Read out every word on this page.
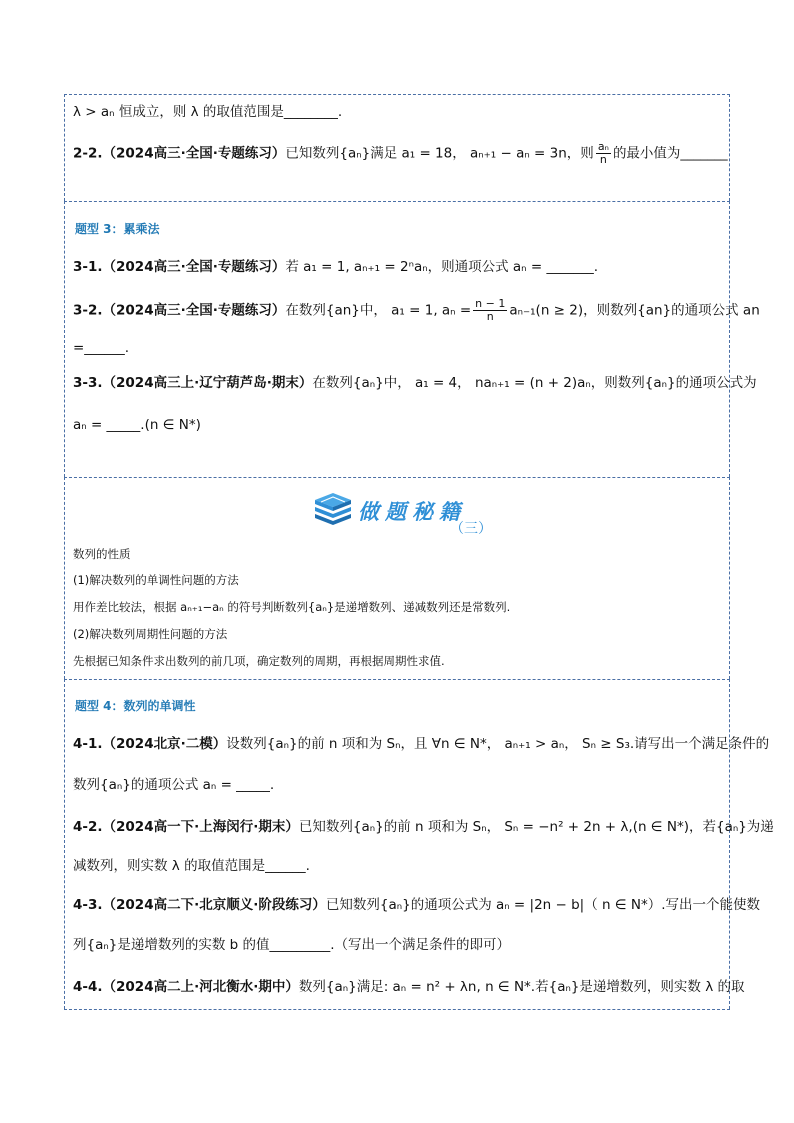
λ > aₙ 恒成立，则 λ 的取值范围是________.
2-2.（2024高三·全国·专题练习）已知数列{aₙ}满足 a₁ = 18， aₙ₊₁ − aₙ = 3n，则 $\frac{\text{aₙ}}{n}$ 的最小值为_______
题型 3：累乘法
3-1.（2024高三·全国·专题练习）若 a₁ = 1, aₙ₊₁ = 2ⁿaₙ，则通项公式 aₙ = _______.
3-2.（2024高三·全国·专题练习）在数列{an}中， a₁ = 1, $a_n = \frac{n - 1}{n} a_{n-1}(n \ge 2)$，则数列{an}的通项公式 an
=______.
3-3.（2024高三上·辽宁葫芦岛·期末）在数列{aₙ}中， a₁ = 4， naₙ₊₁ = (n + 2)aₙ，则数列{aₙ}的通项公式为
aₙ = _____.(n ∈ N*)
做题秘籍
（三）
数列的性质
(1)解决数列的单调性问题的方法
用作差比较法，根据 aₙ₊₁−aₙ 的符号判断数列{aₙ}是递增数列、递减数列还是常数列.
(2)解决数列周期性问题的方法
先根据已知条件求出数列的前几项，确定数列的周期，再根据周期性求值.
题型 4：数列的单调性
4-1.（2024北京·二模）设数列{aₙ}的前 n 项和为 Sₙ，且 ∀n ∈ N*， aₙ₊₁ > aₙ， Sₙ ≥ S₃.请写出一个满足条件的
数列{aₙ}的通项公式 aₙ = _____.
4-2.（2024高一下·上海闵行·期末）已知数列{aₙ}的前 n 项和为 Sₙ， Sₙ = −n² + 2n + λ,(n ∈ N*)，若{aₙ}为递
减数列，则实数 λ 的取值范围是______.
4-3.（2024高二下·北京顺义·阶段练习）已知数列{aₙ}的通项公式为 aₙ = |2n − b|（ n ∈ N*）.写出一个能使数
列{aₙ}是递增数列的实数 b 的值_________.（写出一个满足条件的即可）
4-4.（2024高二上·河北衡水·期中）数列{aₙ}满足: aₙ = n² + λn, n ∈ N*.若{aₙ}是递增数列，则实数 λ 的取
